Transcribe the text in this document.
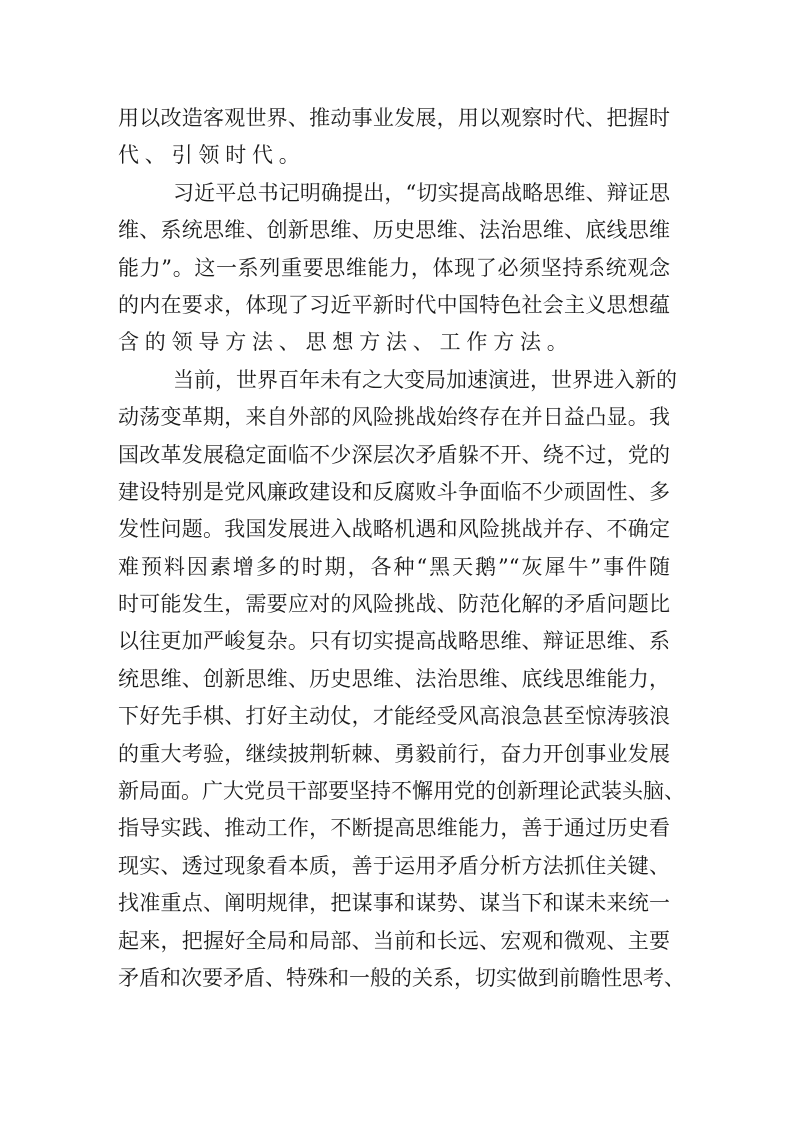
用以改造客观世界、推动事业发展，用以观察时代、把握时
代、引领时代。
习近平总书记明确提出，“切实提高战略思维、辩证思
维、系统思维、创新思维、历史思维、法治思维、底线思维
能力”。这一系列重要思维能力，体现了必须坚持系统观念
的内在要求，体现了习近平新时代中国特色社会主义思想蕴
含的领导方法、思想方法、工作方法。
当前，世界百年未有之大变局加速演进，世界进入新的
动荡变革期，来自外部的风险挑战始终存在并日益凸显。我
国改革发展稳定面临不少深层次矛盾躲不开、绕不过，党的
建设特别是党风廉政建设和反腐败斗争面临不少顽固性、多
发性问题。我国发展进入战略机遇和风险挑战并存、不确定
难预料因素增多的时期，各种“黑天鹅”“灰犀牛”事件随
时可能发生，需要应对的风险挑战、防范化解的矛盾问题比
以往更加严峻复杂。只有切实提高战略思维、辩证思维、系
统思维、创新思维、历史思维、法治思维、底线思维能力，
下好先手棋、打好主动仗，才能经受风高浪急甚至惊涛骇浪
的重大考验，继续披荆斩棘、勇毅前行，奋力开创事业发展
新局面。广大党员干部要坚持不懈用党的创新理论武装头脑、
指导实践、推动工作，不断提高思维能力，善于通过历史看
现实、透过现象看本质，善于运用矛盾分析方法抓住关键、
找准重点、阐明规律，把谋事和谋势、谋当下和谋未来统一
起来，把握好全局和局部、当前和长远、宏观和微观、主要
矛盾和次要矛盾、特殊和一般的关系，切实做到前瞻性思考、
